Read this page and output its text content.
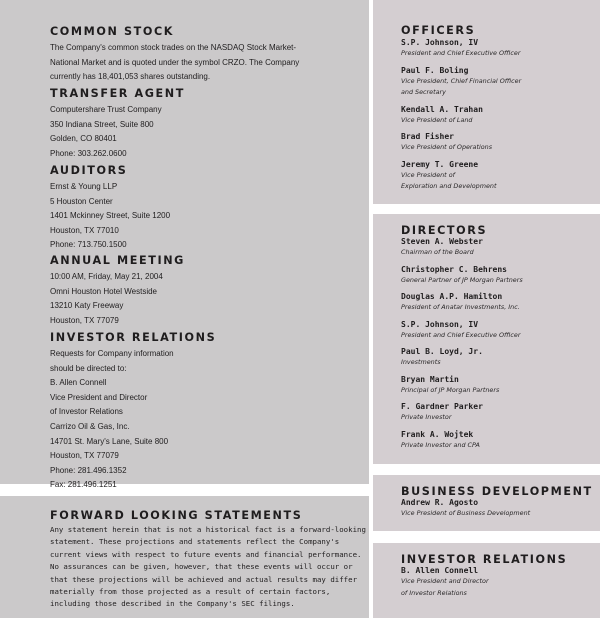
COMMON STOCK
The Company's common stock trades on the NASDAQ Stock Market-
National Market and is quoted under the symbol CRZO. The Company
currently has 18,401,053 shares outstanding.
TRANSFER AGENT
Computershare Trust Company
350 Indiana Street, Suite 800
Golden, CO 80401
Phone: 303.262.0600
AUDITORS
Ernst & Young LLP
5 Houston Center
1401 Mckinney Street, Suite 1200
Houston, TX 77010
Phone: 713.750.1500
ANNUAL MEETING
10:00 AM, Friday, May 21, 2004
Omni Houston Hotel Westside
13210 Katy Freeway
Houston, TX 77079
INVESTOR RELATIONS
Requests for Company information
should be directed to:
B. Allen Connell
Vice President and Director
of Investor Relations
Carrizo Oil & Gas, Inc.
14701 St. Mary's Lane, Suite 800
Houston, TX 77079
Phone: 281.496.1352
Fax: 281.496.1251
FORWARD LOOKING STATEMENTS
Any statement herein that is not a historical fact is a forward-looking
statement. These projections and statements reflect the Company's
current views with respect to future events and financial performance.
No assurances can be given, however, that these events will occur or
that these projections will be achieved and actual results may differ
materially from those projected as a result of certain factors,
including those described in the Company's SEC filings.
OFFICERS
S.P. Johnson, IV
President and Chief Executive Officer
Paul F. Boling
Vice President, Chief Financial Officer
and Secretary
Kendall A. Trahan
Vice President of Land
Brad Fisher
Vice President of Operations
Jeremy T. Greene
Vice President of
Exploration and Development
DIRECTORS
Steven A. Webster
Chairman of the Board
Christopher C. Behrens
General Partner of JP Morgan Partners
Douglas A.P. Hamilton
President of Anatar Investments, Inc.
S.P. Johnson, IV
President and Chief Executive Officer
Paul B. Loyd, Jr.
Investments
Bryan Martin
Principal of JP Morgan Partners
F. Gardner Parker
Private Investor
Frank A. Wojtek
Private Investor and CPA
BUSINESS DEVELOPMENT
Andrew R. Agosto
Vice President of Business Development
INVESTOR RELATIONS
B. Allen Connell
Vice President and Director
of Investor Relations
